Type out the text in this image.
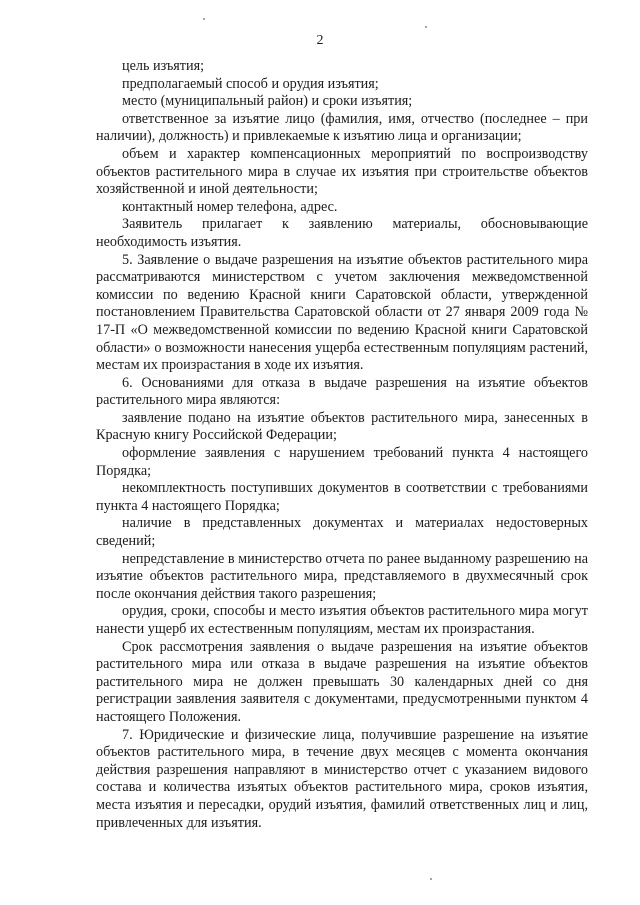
2

цель изъятия;

предполагаемый способ и орудия изъятия;

место (муниципальный район) и сроки изъятия;

ответственное за изъятие лицо (фамилия, имя, отчество (последнее – при наличии), должность) и привлекаемые к изъятию лица и организации;

объем и характер компенсационных мероприятий по воспроизводству объектов растительного мира в случае их изъятия при строительстве объектов хозяйственной и иной деятельности;

контактный номер телефона, адрес.

Заявитель прилагает к заявлению материалы, обосновывающие необходимость изъятия.

5. Заявление о выдаче разрешения на изъятие объектов растительного мира рассматриваются министерством с учетом заключения межведомственной комиссии по ведению Красной книги Саратовской области, утвержденной постановлением Правительства Саратовской области от 27 января 2009 года № 17-П «О межведомственной комиссии по ведению Красной книги Саратовской области» о возможности нанесения ущерба естественным популяциям растений, местам их произрастания в ходе их изъятия.

6. Основаниями для отказа в выдаче разрешения на изъятие объектов растительного мира являются:

заявление подано на изъятие объектов растительного мира, занесенных в Красную книгу Российской Федерации;

оформление заявления с нарушением требований пункта 4 настоящего Порядка;

некомплектность поступивших документов в соответствии с требованиями пункта 4 настоящего Порядка;

наличие в представленных документах и материалах недостоверных сведений;

непредставление в министерство отчета по ранее выданному разрешению на изъятие объектов растительного мира, представляемого в двухмесячный срок после окончания действия такого разрешения;

орудия, сроки, способы и место изъятия объектов растительного мира могут нанести ущерб их естественным популяциям, местам их произрастания.

Срок рассмотрения заявления о выдаче разрешения на изъятие объектов растительного мира или отказа в выдаче разрешения на изъятие объектов растительного мира не должен превышать 30 календарных дней со дня регистрации заявления заявителя с документами, предусмотренными пунктом 4 настоящего Положения.

7. Юридические и физические лица, получившие разрешение на изъятие объектов растительного мира, в течение двух месяцев с момента окончания действия разрешения направляют в министерство отчет с указанием видового состава и количества изъятых объектов растительного мира, сроков изъятия, места изъятия и пересадки, орудий изъятия, фамилий ответственных лиц и лиц, привлеченных для изъятия.
